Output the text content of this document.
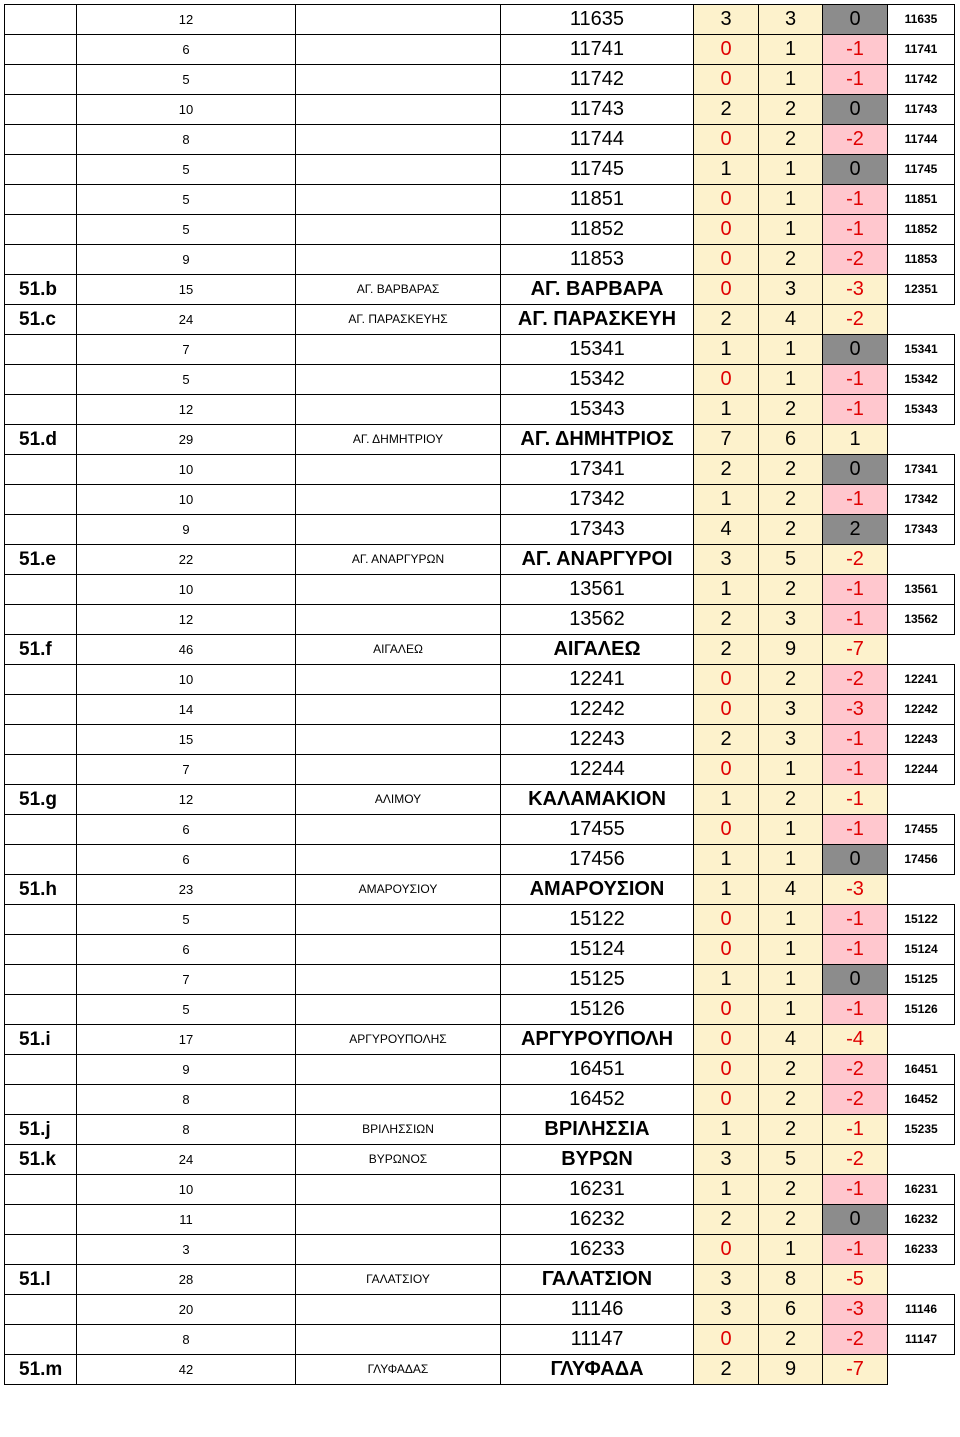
	12		11635	3	3	0	11635
	6		11741	0	1	-1	11741
	5		11742	0	1	-1	11742
	10		11743	2	2	0	11743
	8		11744	0	2	-2	11744
	5		11745	1	1	0	11745
	5		11851	0	1	-1	11851
	5		11852	0	1	-1	11852
	9		11853	0	2	-2	11853
51.b	15	ΑΓ. ΒΑΡΒΑΡΑΣ	ΑΓ. ΒΑΡΒΑΡΑ	0	3	-3	12351
51.c	24	ΑΓ. ΠΑΡΑΣΚΕΥΗΣ	ΑΓ. ΠΑΡΑΣΚΕΥΗ	2	4	-2	
	7		15341	1	1	0	15341
	5		15342	0	1	-1	15342
	12		15343	1	2	-1	15343
51.d	29	ΑΓ. ΔΗΜΗΤΡΙΟΥ	ΑΓ. ΔΗΜΗΤΡΙΟΣ	7	6	1	
	10		17341	2	2	0	17341
	10		17342	1	2	-1	17342
	9		17343	4	2	2	17343
51.e	22	ΑΓ. ΑΝΑΡΓΥΡΩΝ	ΑΓ. ΑΝΑΡΓΥΡΟΙ	3	5	-2	
	10		13561	1	2	-1	13561
	12		13562	2	3	-1	13562
51.f	46	ΑΙΓΑΛΕΩ	ΑΙΓΑΛΕΩ	2	9	-7	
	10		12241	0	2	-2	12241
	14		12242	0	3	-3	12242
	15		12243	2	3	-1	12243
	7		12244	0	1	-1	12244
51.g	12	ΑΛΙΜΟΥ	ΚΑΛΑΜΑΚΙΟΝ	1	2	-1	
	6		17455	0	1	-1	17455
	6		17456	1	1	0	17456
51.h	23	ΑΜΑΡΟΥΣΙΟΥ	ΑΜΑΡΟΥΣΙΟΝ	1	4	-3	
	5		15122	0	1	-1	15122
	6		15124	0	1	-1	15124
	7		15125	1	1	0	15125
	5		15126	0	1	-1	15126
51.i	17	ΑΡΓΥΡΟΥΠΟΛΗΣ	ΑΡΓΥΡΟΥΠΟΛΗ	0	4	-4	
	9		16451	0	2	-2	16451
	8		16452	0	2	-2	16452
51.j	8	ΒΡΙΛΗΣΣΙΩΝ	ΒΡΙΛΗΣΣΙΑ	1	2	-1	15235
51.k	24	ΒΥΡΩΝΟΣ	ΒΥΡΩΝ	3	5	-2	
	10		16231	1	2	-1	16231
	11		16232	2	2	0	16232
	3		16233	0	1	-1	16233
51.l	28	ΓΑΛΑΤΣΙΟΥ	ΓΑΛΑΤΣΙΟΝ	3	8	-5	
	20		11146	3	6	-3	11146
	8		11147	0	2	-2	11147
51.m	42	ΓΛΥΦΑΔΑΣ	ΓΛΥΦΑΔΑ	2	9	-7	
